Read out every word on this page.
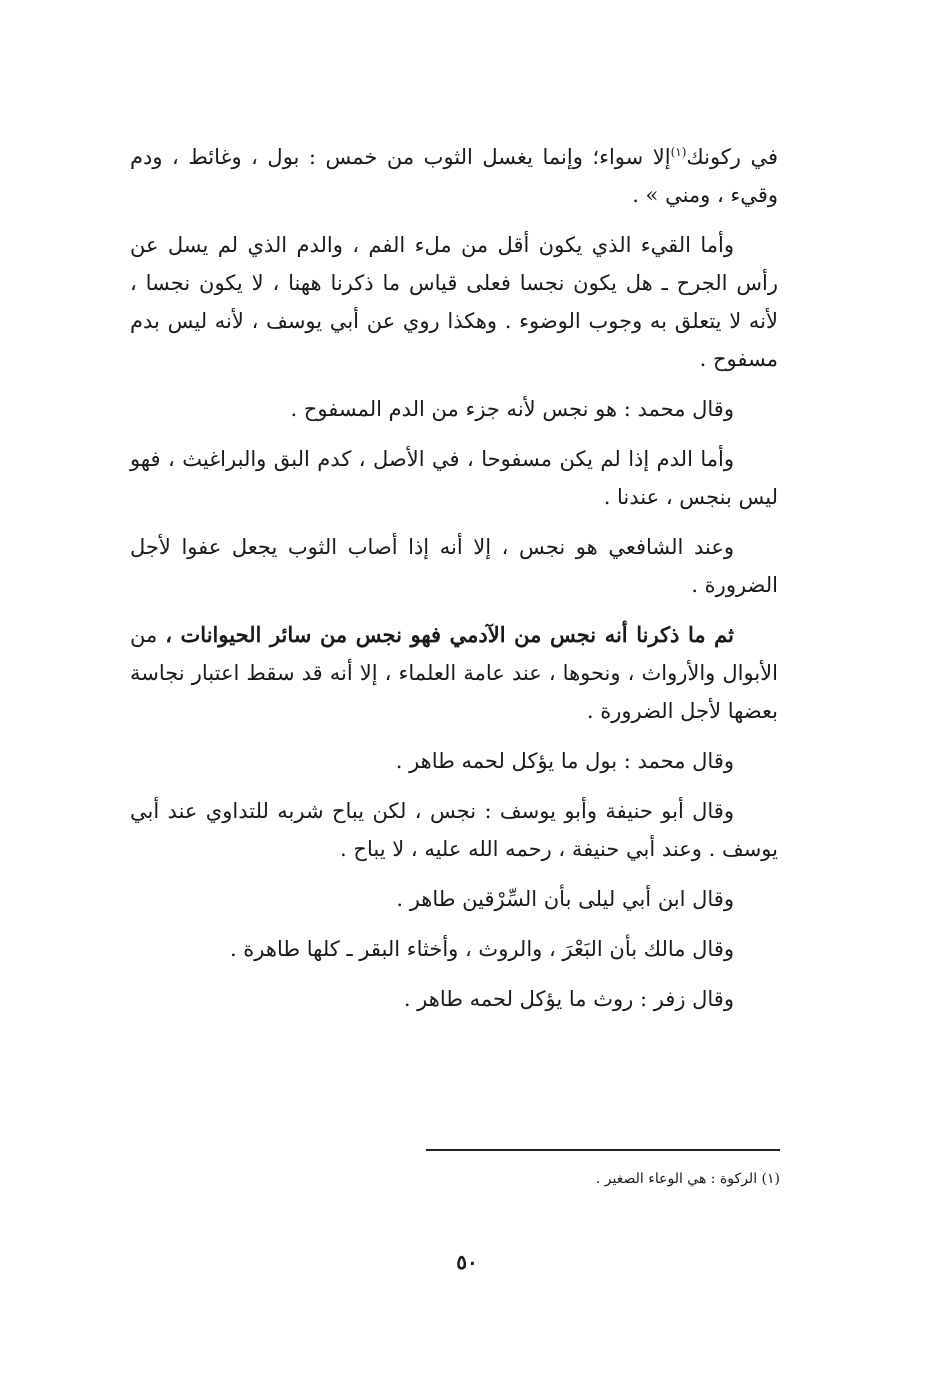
في ركونك$^{(١)}$إلا سواء؛ وإنما يغسل الثوب من خمس : بول ، وغائط ، ودم وقيء ، ومني » .

وأما القيء الذي يكون أقل من ملء الفم ، والدم الذي لم يسل عن رأس الجرح ـ هل يكون نجسا فعلى قياس ما ذكرنا ههنا ، لا يكون نجسا ، لأنه لا يتعلق به وجوب الوضوء . وهكذا روي عن أبي يوسف ، لأنه ليس بدم مسفوح .

وقال محمد : هو نجس لأنه جزء من الدم المسفوح .

وأما الدم إذا لم يكن مسفوحا ، في الأصل ، كدم البق والبراغيث ، فهو ليس بنجس ، عندنا .

وعند الشافعي هو نجس ، إلا أنه إذا أصاب الثوب يجعل عفوا لأجل الضرورة .

ثم ما ذكرنا أنه نجس من الآدمي فهو نجس من سائر الحيوانات ، من الأبوال والأرواث ، ونحوها ، عند عامة العلماء ، إلا أنه قد سقط اعتبار نجاسة بعضها لأجل الضرورة .

وقال محمد : بول ما يؤكل لحمه طاهر .

وقال أبو حنيفة وأبو يوسف : نجس ، لكن يباح شربه للتداوي عند أبي يوسف . وعند أبي حنيفة ، رحمه الله عليه ، لا يباح .

وقال ابن أبي ليلى بأن السِّرْقين طاهر .

وقال مالك بأن البَعْرَ ، والروث ، وأخثاء البقر ـ كلها طاهرة .

وقال زفر : روث ما يؤكل لحمه طاهر .

(١) الركوة : هي الوعاء الصغير .
٥٠
